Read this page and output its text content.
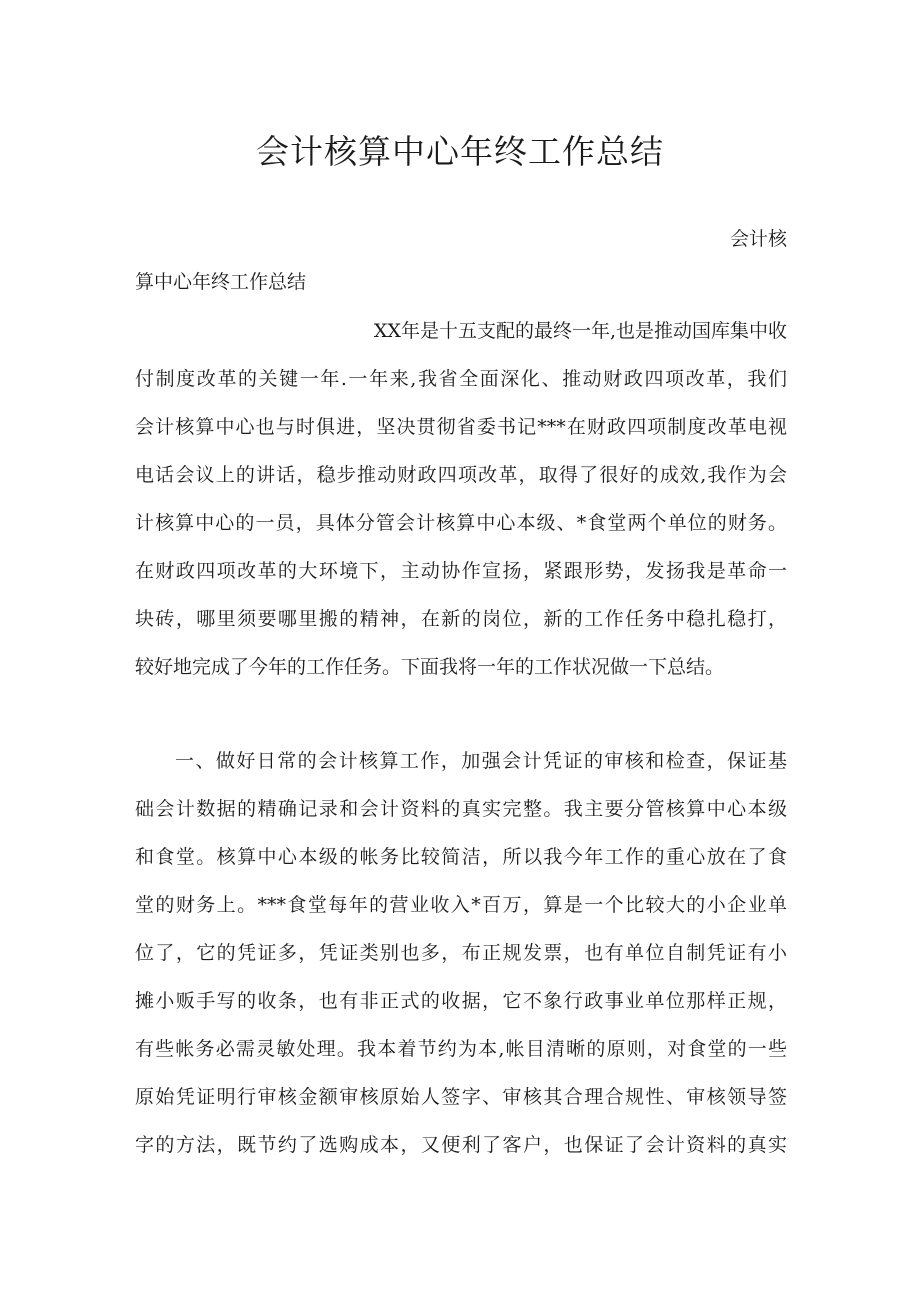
会计核算中心年终工作总结
会计核
算中心年终工作总结
XX年是十五支配的最终一年,也是推动国库集中收
付制度改革的关键一年.一年来,我省全面深化、推动财政四项改革，我们
会计核算中心也与时俱进，坚决贯彻省委书记***在财政四项制度改革电视
电话会议上的讲话，稳步推动财政四项改革，取得了很好的成效,我作为会
计核算中心的一员，具体分管会计核算中心本级、*食堂两个单位的财务。
在财政四项改革的大环境下，主动协作宣扬，紧跟形势，发扬我是革命一
块砖，哪里须要哪里搬的精神，在新的岗位，新的工作任务中稳扎稳打，
较好地完成了今年的工作任务。下面我将一年的工作状况做一下总结。
一、做好日常的会计核算工作，加强会计凭证的审核和检查，保证基
础会计数据的精确记录和会计资料的真实完整。我主要分管核算中心本级
和食堂。核算中心本级的帐务比较简洁，所以我今年工作的重心放在了食
堂的财务上。***食堂每年的营业收入*百万，算是一个比较大的小企业单
位了，它的凭证多，凭证类别也多，布正规发票，也有单位自制凭证有小
摊小贩手写的收条，也有非正式的收据，它不象行政事业单位那样正规，
有些帐务必需灵敏处理。我本着节约为本,帐目清晰的原则，对食堂的一些
原始凭证明行审核金额审核原始人签字、审核其合理合规性、审核领导签
字的方法，既节约了选购成本，又便利了客户，也保证了会计资料的真实
